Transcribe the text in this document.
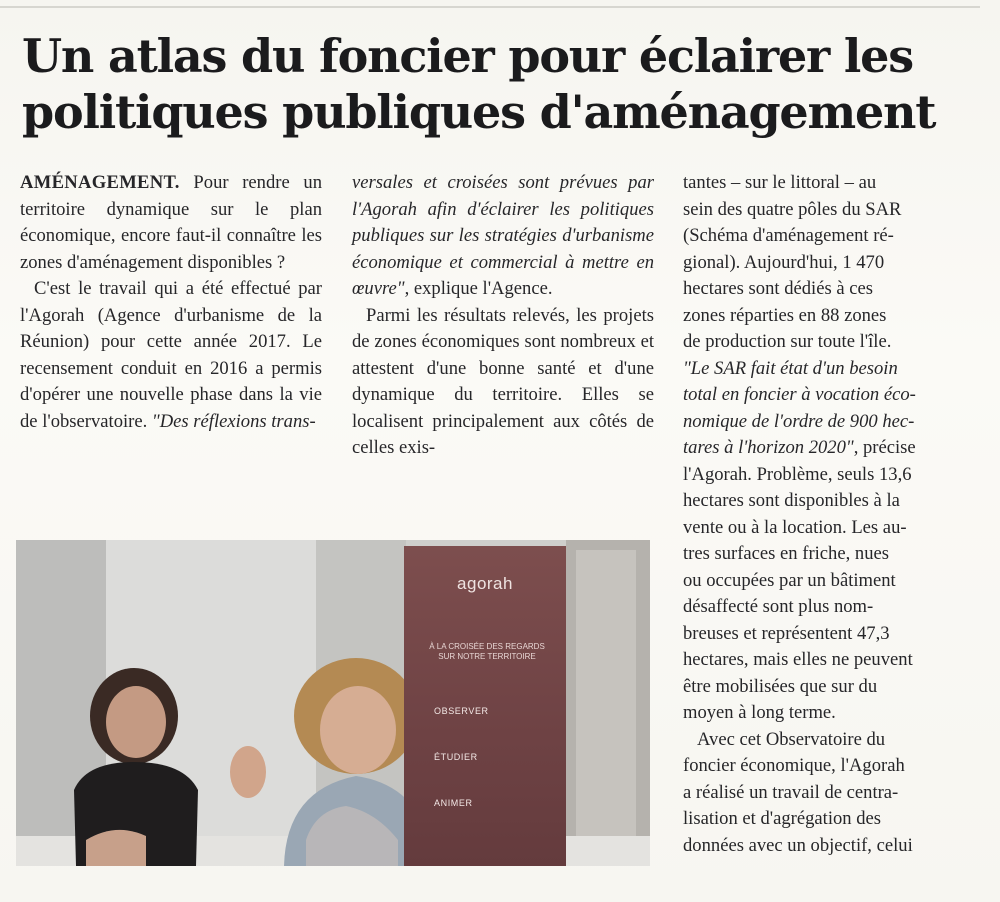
Un atlas du foncier pour éclairer les
politiques publiques d'aménagement

AMÉNAGEMENT. Pour rendre un territoire dynamique sur le plan économique, encore faut-il connaître les zones d'aménagement disponibles ?

C'est le travail qui a été effectué par l'Agorah (Agence d'urbanisme de la Réunion) pour cette année 2017. Le recensement conduit en 2016 a permis d'opérer une nouvelle phase dans la vie de l'observatoire. "Des réflexions trans-

versales et croisées sont prévues par l'Agorah afin d'éclairer les politiques publiques sur les stratégies d'urbanisme économique et commercial à mettre en œuvre", explique l'Agence.

Parmi les résultats relevés, les projets de zones économiques sont nombreux et attestent d'une bonne santé et d'une dynamique du territoire. Elles se localisent principalement aux côtés de celles exis-

tantes – sur le littoral – au

sein des quatre pôles du SAR

(Schéma d'aménagement ré-

gional). Aujourd'hui, 1 470

hectares sont dédiés à ces

zones réparties en 88 zones

de production sur toute l'île.

"Le SAR fait état d'un besoin

total en foncier à vocation éco-

nomique de l'ordre de 900 hec-

tares à l'horizon 2020", précise

l'Agorah. Problème, seuls 13,6

hectares sont disponibles à la

vente ou à la location. Les au-

tres surfaces en friche, nues

ou occupées par un bâtiment

désaffecté sont plus nom-

breuses et représentent 47,3

hectares, mais elles ne peuvent

être mobilisées que sur du

moyen à long terme.

Avec cet Observatoire du

foncier économique, l'Agorah

a réalisé un travail de centra-

lisation et d'agrégation des

données avec un objectif, celui

agorah
À LA CROISÉE DES REGARDS SUR NOTRE TERRITOIRE
OBSERVER
ÉTUDIER
ANIMER
